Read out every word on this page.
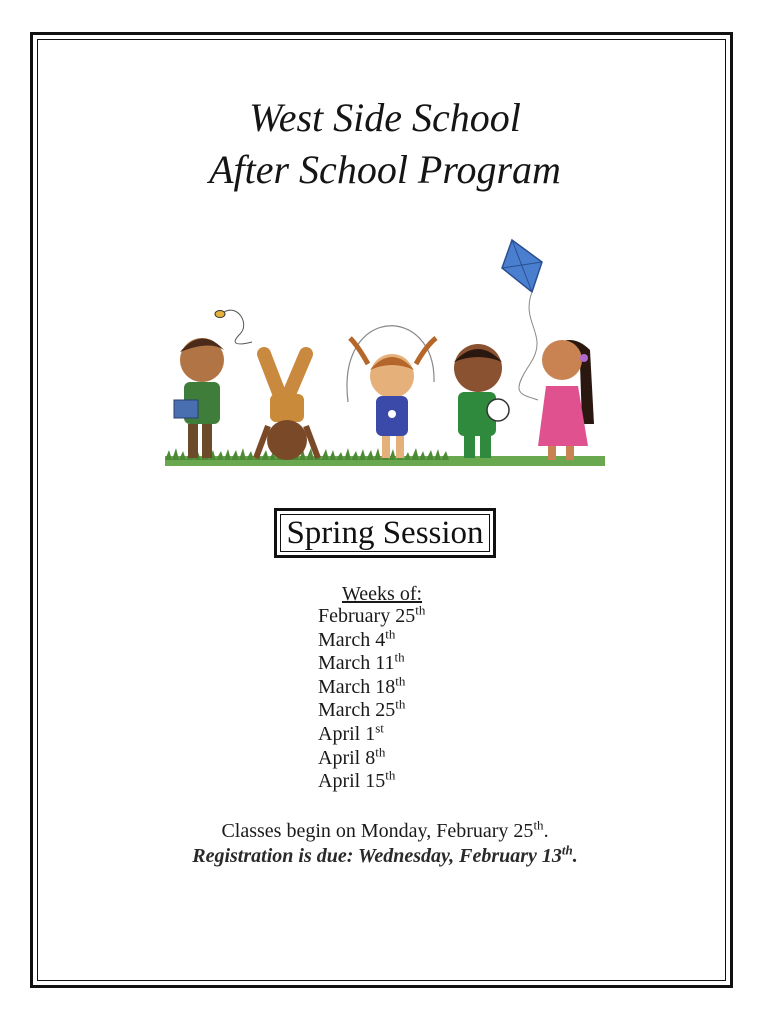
West Side School
After School Program
Spring Session
Weeks of:
February 25th
March 4th
March 11th
March 18th
March 25th
April 1st
April 8th
April 15th
Classes begin on Monday, February 25th.
Registration is due: Wednesday, February 13th.
